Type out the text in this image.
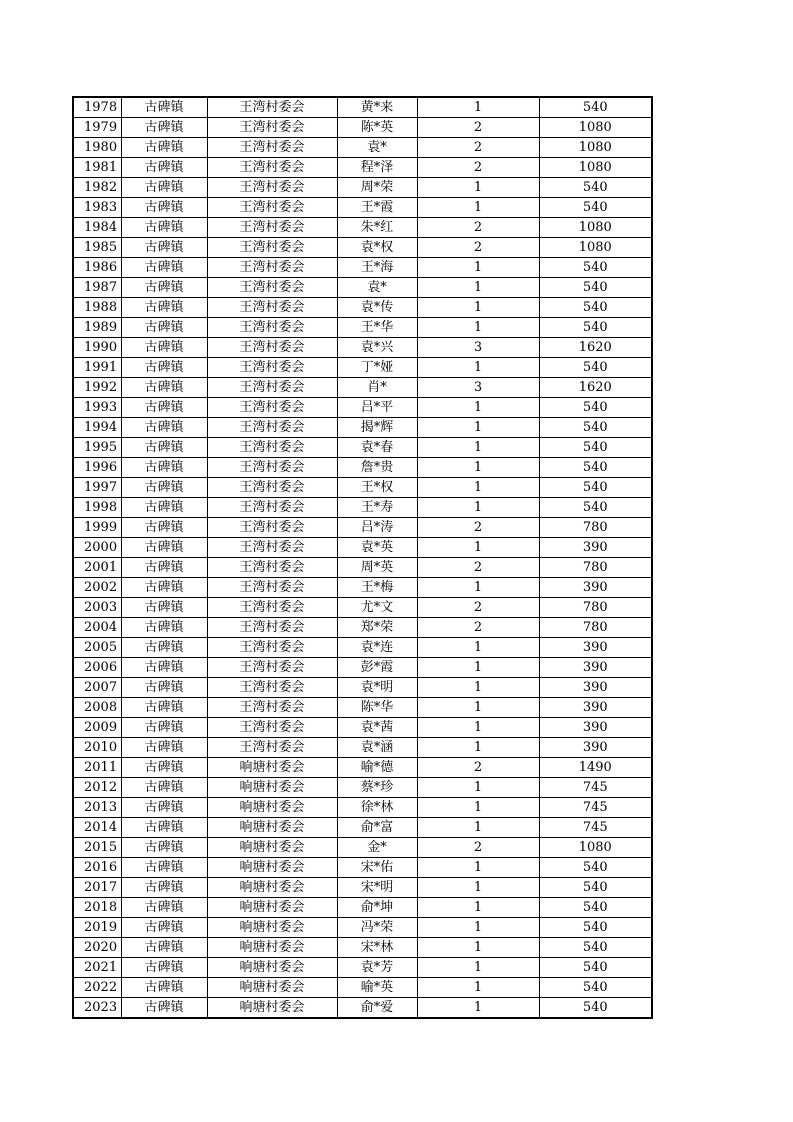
1978	古碑镇	王湾村委会	黄*来	1	540
1979	古碑镇	王湾村委会	陈*英	2	1080
1980	古碑镇	王湾村委会	袁*	2	1080
1981	古碑镇	王湾村委会	程*泽	2	1080
1982	古碑镇	王湾村委会	周*荣	1	540
1983	古碑镇	王湾村委会	王*霞	1	540
1984	古碑镇	王湾村委会	朱*红	2	1080
1985	古碑镇	王湾村委会	袁*权	2	1080
1986	古碑镇	王湾村委会	王*海	1	540
1987	古碑镇	王湾村委会	袁*	1	540
1988	古碑镇	王湾村委会	袁*传	1	540
1989	古碑镇	王湾村委会	王*华	1	540
1990	古碑镇	王湾村委会	袁*兴	3	1620
1991	古碑镇	王湾村委会	丁*娅	1	540
1992	古碑镇	王湾村委会	肖*	3	1620
1993	古碑镇	王湾村委会	吕*平	1	540
1994	古碑镇	王湾村委会	揭*辉	1	540
1995	古碑镇	王湾村委会	袁*春	1	540
1996	古碑镇	王湾村委会	詹*贵	1	540
1997	古碑镇	王湾村委会	王*权	1	540
1998	古碑镇	王湾村委会	王*寿	1	540
1999	古碑镇	王湾村委会	吕*涛	2	780
2000	古碑镇	王湾村委会	袁*英	1	390
2001	古碑镇	王湾村委会	周*英	2	780
2002	古碑镇	王湾村委会	王*梅	1	390
2003	古碑镇	王湾村委会	尤*文	2	780
2004	古碑镇	王湾村委会	郑*荣	2	780
2005	古碑镇	王湾村委会	袁*连	1	390
2006	古碑镇	王湾村委会	彭*霞	1	390
2007	古碑镇	王湾村委会	袁*明	1	390
2008	古碑镇	王湾村委会	陈*华	1	390
2009	古碑镇	王湾村委会	袁*茜	1	390
2010	古碑镇	王湾村委会	袁*涵	1	390
2011	古碑镇	响塘村委会	喻*德	2	1490
2012	古碑镇	响塘村委会	蔡*珍	1	745
2013	古碑镇	响塘村委会	徐*林	1	745
2014	古碑镇	响塘村委会	俞*富	1	745
2015	古碑镇	响塘村委会	金*	2	1080
2016	古碑镇	响塘村委会	宋*佑	1	540
2017	古碑镇	响塘村委会	宋*明	1	540
2018	古碑镇	响塘村委会	俞*坤	1	540
2019	古碑镇	响塘村委会	冯*荣	1	540
2020	古碑镇	响塘村委会	宋*林	1	540
2021	古碑镇	响塘村委会	袁*芳	1	540
2022	古碑镇	响塘村委会	喻*英	1	540
2023	古碑镇	响塘村委会	俞*爱	1	540
